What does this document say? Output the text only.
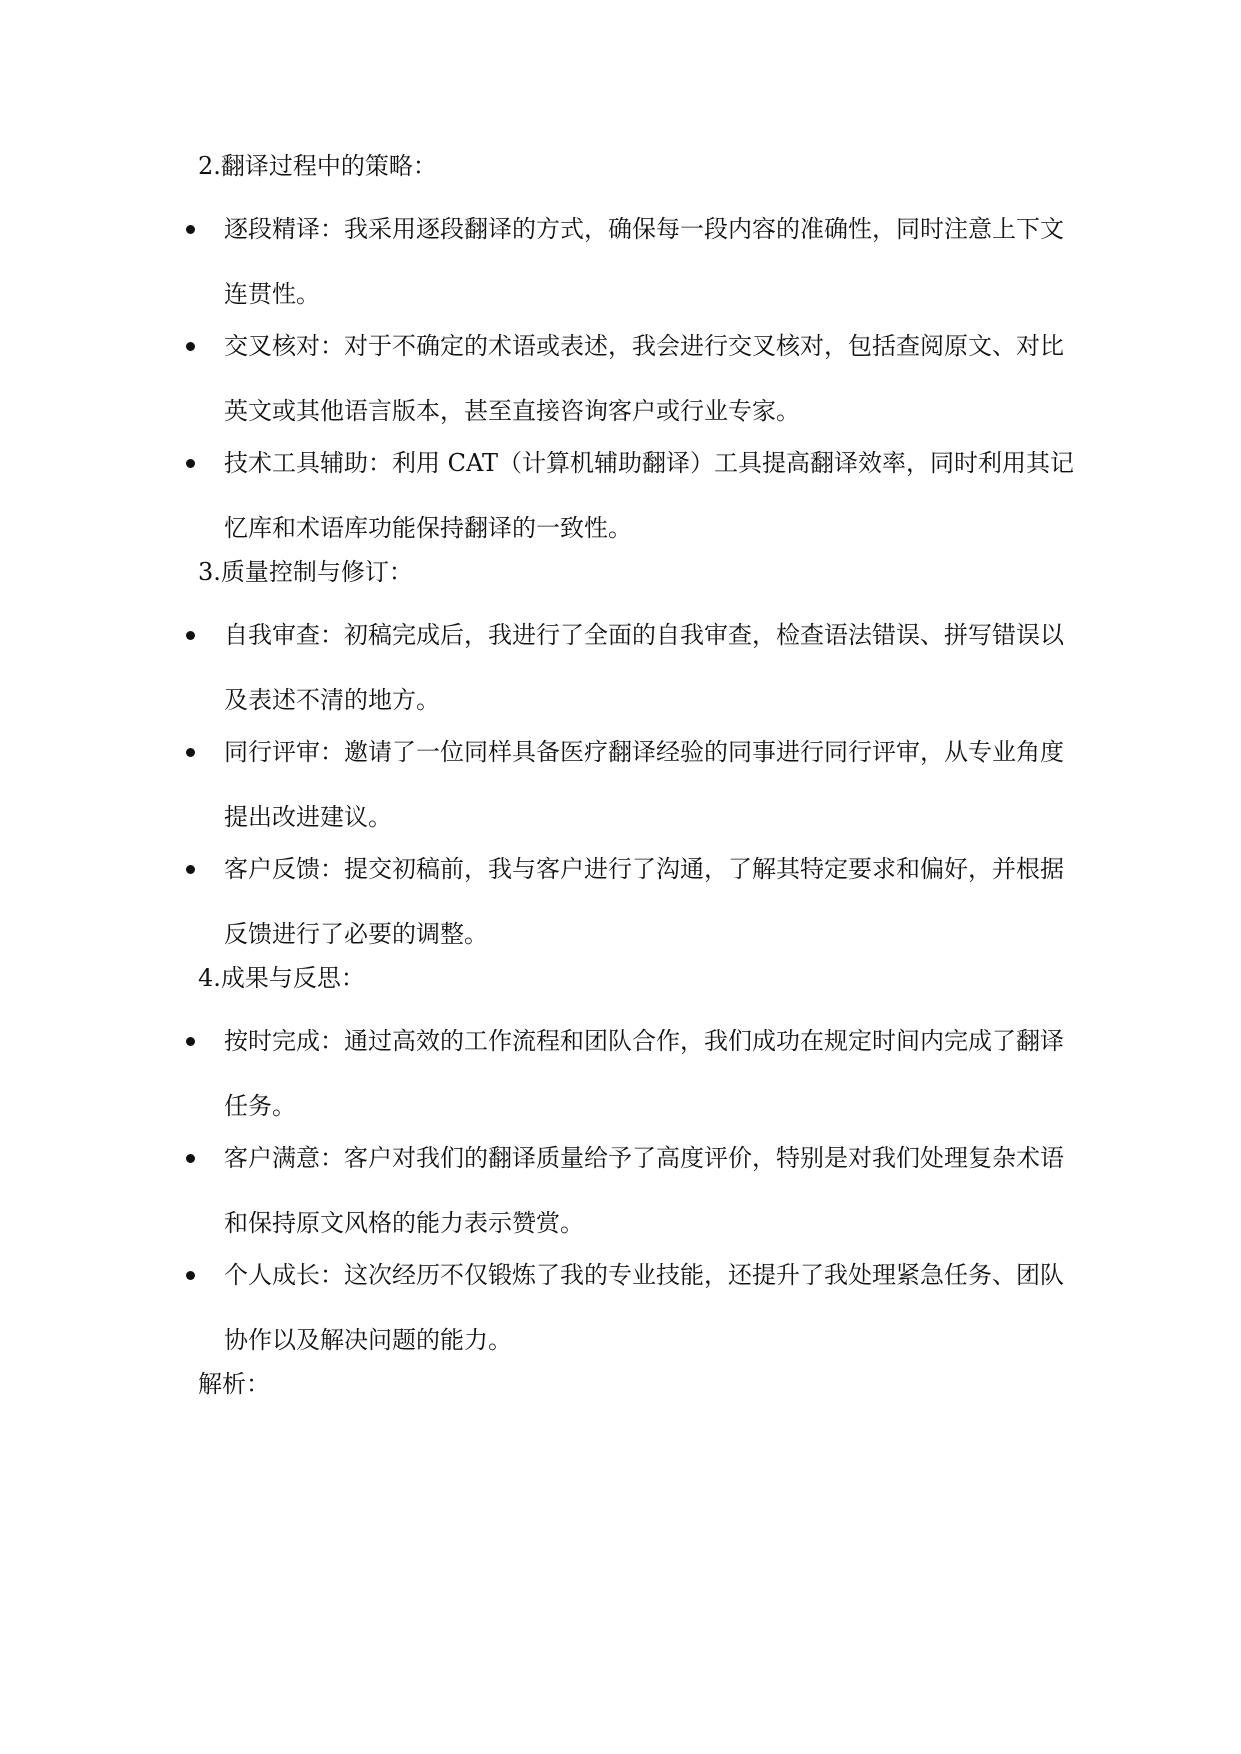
2.翻译过程中的策略：
逐段精译：我采用逐段翻译的方式，确保每一段内容的准确性，同时注意上下文
连贯性。
交叉核对：对于不确定的术语或表述，我会进行交叉核对，包括查阅原文、对比
英文或其他语言版本，甚至直接咨询客户或行业专家。
技术工具辅助：利用 CAT（计算机辅助翻译）工具提高翻译效率，同时利用其记
忆库和术语库功能保持翻译的一致性。
3.质量控制与修订：
自我审查：初稿完成后，我进行了全面的自我审查，检查语法错误、拼写错误以
及表述不清的地方。
同行评审：邀请了一位同样具备医疗翻译经验的同事进行同行评审，从专业角度
提出改进建议。
客户反馈：提交初稿前，我与客户进行了沟通，了解其特定要求和偏好，并根据
反馈进行了必要的调整。
4.成果与反思：
按时完成：通过高效的工作流程和团队合作，我们成功在规定时间内完成了翻译
任务。
客户满意：客户对我们的翻译质量给予了高度评价，特别是对我们处理复杂术语
和保持原文风格的能力表示赞赏。
个人成长：这次经历不仅锻炼了我的专业技能，还提升了我处理紧急任务、团队
协作以及解决问题的能力。
解析：
